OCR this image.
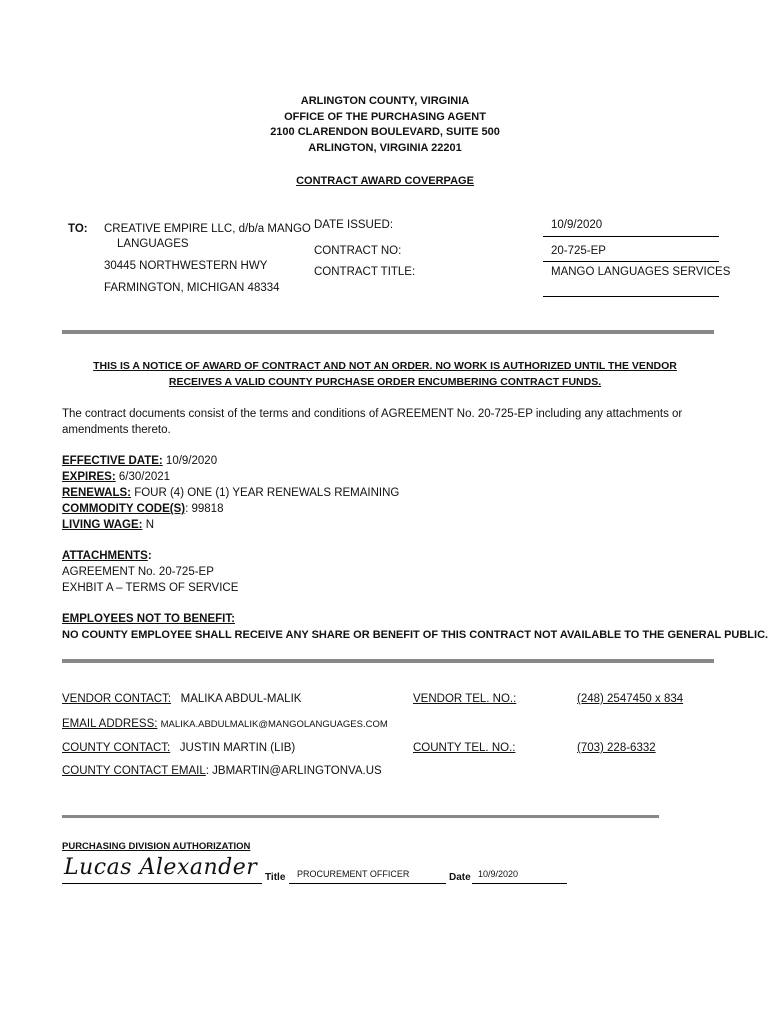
ARLINGTON COUNTY, VIRGINIA
OFFICE OF THE PURCHASING AGENT
2100 CLARENDON BOULEVARD, SUITE 500
ARLINGTON, VIRGINIA 22201
CONTRACT AWARD COVERPAGE
TO: CREATIVE EMPIRE LLC, d/b/a MANGO
LANGUAGES
30445 NORTHWESTERN HWY
FARMINGTON, MICHIGAN 48334
DATE ISSUED:	10/9/2020
CONTRACT NO:	20-725-EP
CONTRACT TITLE:	MANGO LANGUAGES SERVICES
THIS IS A NOTICE OF AWARD OF CONTRACT AND NOT AN ORDER. NO WORK IS AUTHORIZED UNTIL THE VENDOR
RECEIVES A VALID COUNTY PURCHASE ORDER ENCUMBERING CONTRACT FUNDS.
The contract documents consist of the terms and conditions of AGREEMENT No. 20-725-EP including any attachments or
amendments thereto.
EFFECTIVE DATE: 10/9/2020
EXPIRES: 6/30/2021
RENEWALS: FOUR (4) ONE (1) YEAR RENEWALS REMAINING
COMMODITY CODE(S): 99818
LIVING WAGE: N
ATTACHMENTS:
AGREEMENT No. 20-725-EP
EXHBIT A – TERMS OF SERVICE
EMPLOYEES NOT TO BENEFIT:
NO COUNTY EMPLOYEE SHALL RECEIVE ANY SHARE OR BENEFIT OF THIS CONTRACT NOT AVAILABLE TO THE GENERAL PUBLIC.
VENDOR CONTACT: MALIKA ABDUL-MALIK	VENDOR TEL. NO.:	(248) 2547450 x 834
EMAIL ADDRESS: MALIKA.ABDULMALIK@MANGOLANGUAGES.COM
COUNTY CONTACT: JUSTIN MARTIN (LIB)	COUNTY TEL. NO.:	(703) 228-6332
COUNTY CONTACT EMAIL: JBMARTIN@ARLINGTONVA.US
PURCHASING DIVISION AUTHORIZATION
Lucas Alexander Title PROCUREMENT OFFICER	Date 10/9/2020
